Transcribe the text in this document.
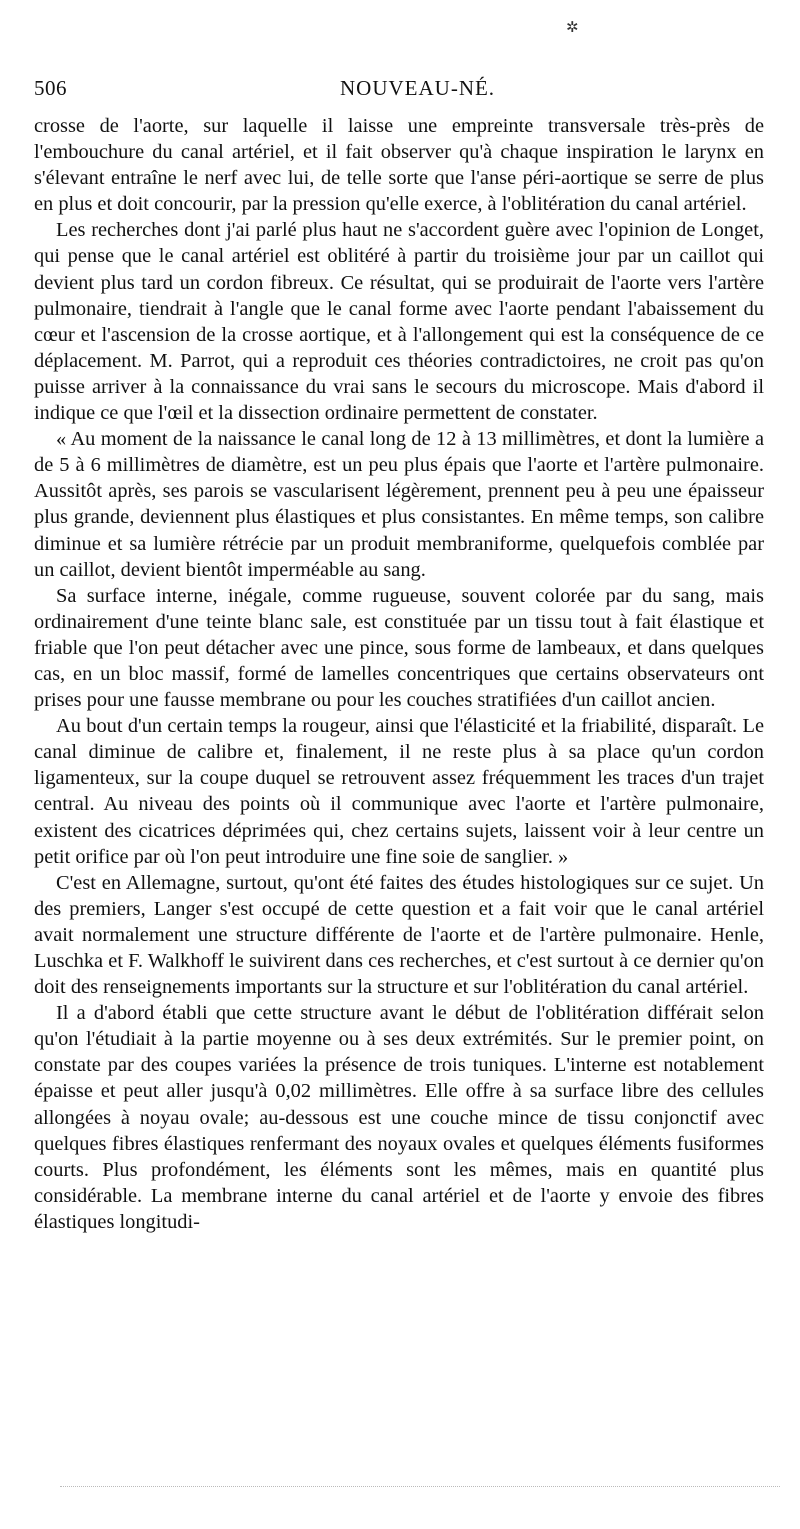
✲
506	NOUVEAU-NÉ.

crosse de l'aorte, sur laquelle il laisse une empreinte transversale très-près de l'embouchure du canal artériel, et il fait observer qu'à chaque inspiration le larynx en s'élevant entraîne le nerf avec lui, de telle sorte que l'anse péri-aortique se serre de plus en plus et doit concourir, par la pression qu'elle exerce, à l'oblitération du canal artériel.

Les recherches dont j'ai parlé plus haut ne s'accordent guère avec l'opinion de Longet, qui pense que le canal artériel est oblitéré à partir du troisième jour par un caillot qui devient plus tard un cordon fibreux. Ce résultat, qui se produirait de l'aorte vers l'artère pulmonaire, tiendrait à l'angle que le canal forme avec l'aorte pendant l'abaissement du cœur et l'ascension de la crosse aortique, et à l'allongement qui est la conséquence de ce déplacement. M. Parrot, qui a reproduit ces théories contradictoires, ne croit pas qu'on puisse arriver à la connaissance du vrai sans le secours du microscope. Mais d'abord il indique ce que l'œil et la dissection ordinaire permettent de constater.

« Au moment de la naissance le canal long de 12 à 13 millimètres, et dont la lumière a de 5 à 6 millimètres de diamètre, est un peu plus épais que l'aorte et l'artère pulmonaire. Aussitôt après, ses parois se vascularisent légèrement, prennent peu à peu une épaisseur plus grande, deviennent plus élastiques et plus consistantes. En même temps, son calibre diminue et sa lumière rétrécie par un produit membraniforme, quelquefois comblée par un caillot, devient bientôt imperméable au sang.

Sa surface interne, inégale, comme rugueuse, souvent colorée par du sang, mais ordinairement d'une teinte blanc sale, est constituée par un tissu tout à fait élastique et friable que l'on peut détacher avec une pince, sous forme de lambeaux, et dans quelques cas, en un bloc massif, formé de lamelles concentriques que certains observateurs ont prises pour une fausse membrane ou pour les couches stratifiées d'un caillot ancien.

Au bout d'un certain temps la rougeur, ainsi que l'élasticité et la friabilité, disparaît. Le canal diminue de calibre et, finalement, il ne reste plus à sa place qu'un cordon ligamenteux, sur la coupe duquel se retrouvent assez fréquemment les traces d'un trajet central. Au niveau des points où il communique avec l'aorte et l'artère pulmonaire, existent des cicatrices déprimées qui, chez certains sujets, laissent voir à leur centre un petit orifice par où l'on peut introduire une fine soie de sanglier. »

C'est en Allemagne, surtout, qu'ont été faites des études histologiques sur ce sujet. Un des premiers, Langer s'est occupé de cette question et a fait voir que le canal artériel avait normalement une structure différente de l'aorte et de l'artère pulmonaire. Henle, Luschka et F. Walkhoff le suivirent dans ces recherches, et c'est surtout à ce dernier qu'on doit des renseignements importants sur la structure et sur l'oblitération du canal artériel.

Il a d'abord établi que cette structure avant le début de l'oblitération différait selon qu'on l'étudiait à la partie moyenne ou à ses deux extrémités. Sur le premier point, on constate par des coupes variées la présence de trois tuniques. L'interne est notablement épaisse et peut aller jusqu'à 0,02 millimètres. Elle offre à sa surface libre des cellules allongées à noyau ovale; au-dessous est une couche mince de tissu conjonctif avec quelques fibres élastiques renfermant des noyaux ovales et quelques éléments fusiformes courts. Plus profondément, les éléments sont les mêmes, mais en quantité plus considérable. La membrane interne du canal artériel et de l'aorte y envoie des fibres élastiques longitudi-
